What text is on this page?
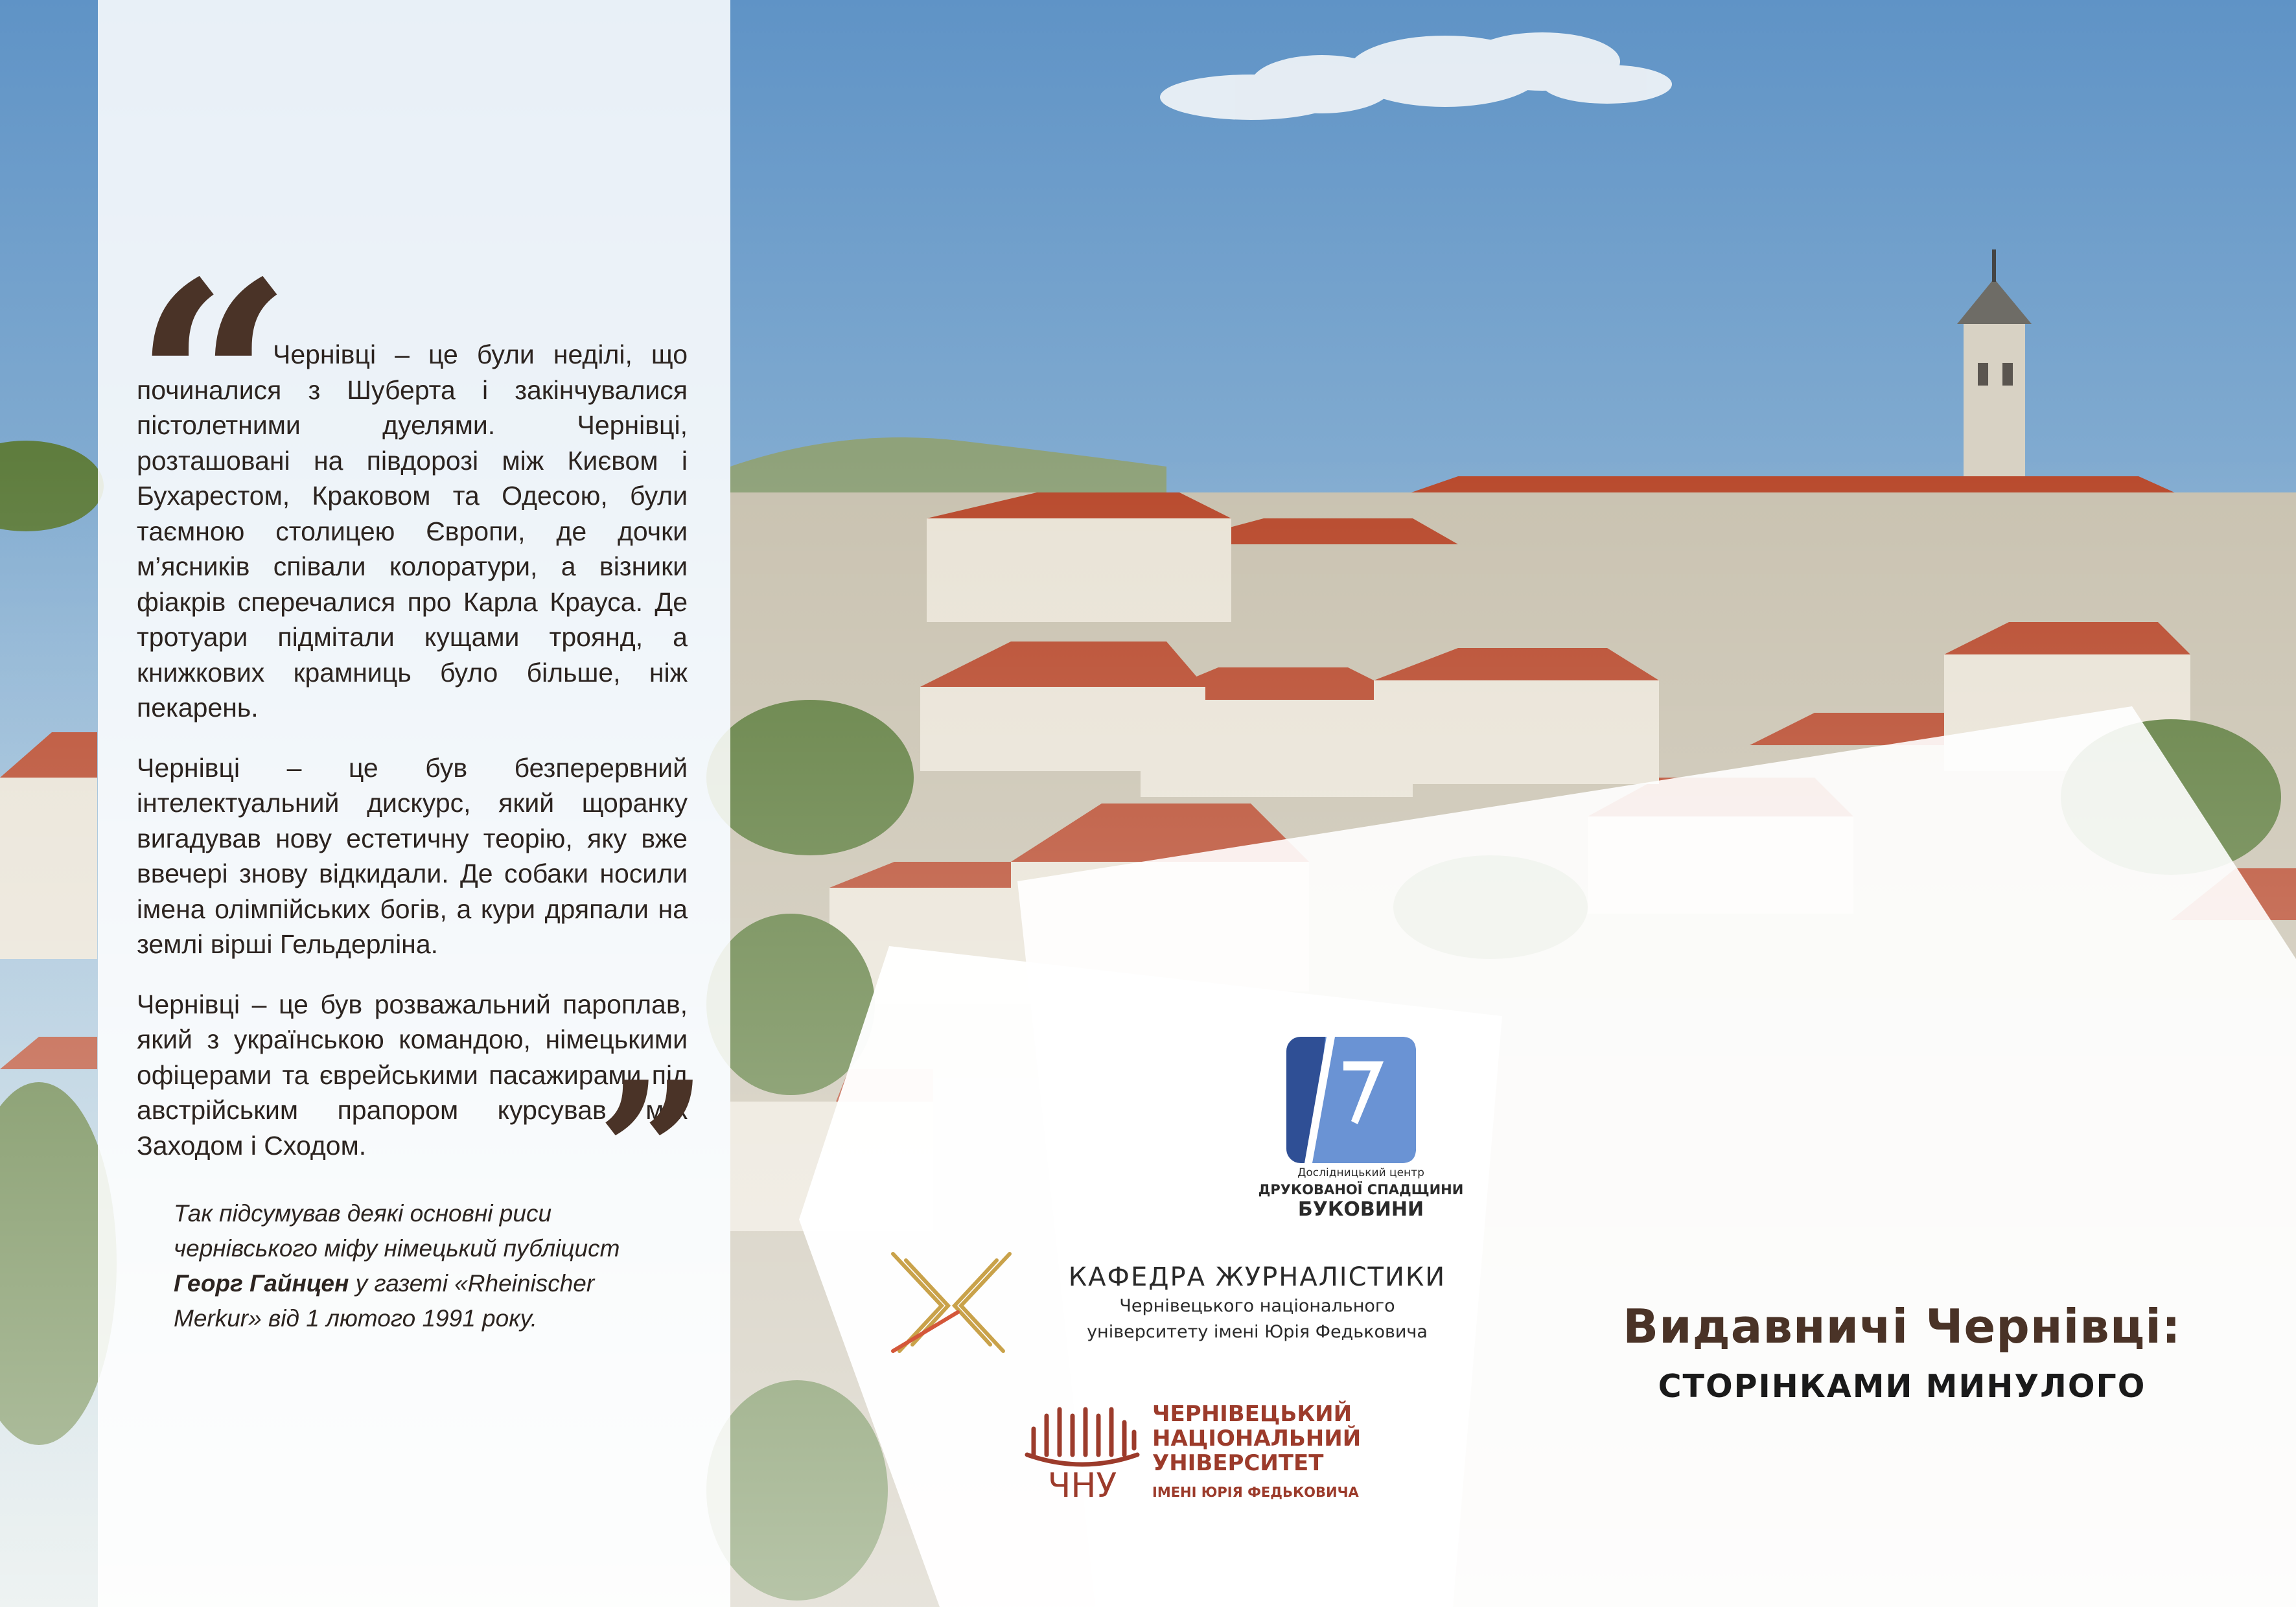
“

Чернівці – це були неділі, що починалися з Шуберта і закінчувалися пістолетними дуелями. Чернівці, розташовані на півдорозі між Києвом і Бухарестом, Краковом та Одесою, були таємною столицею Європи, де дочки м’ясників співали колоратури, а візники фіакрів сперечалися про Карла Крауса. Де тротуари підмітали кущами троянд, а книжкових крамниць було більше, ніж пекарень.

Чернівці – це був безперервний інтелектуальний дискурс, який щоранку вигадував нову естетичну теорію, яку вже ввечері знову відкидали. Де собаки носили імена олімпійських богів, а кури дряпали на землі вірші Гельдерліна.

Чернівці – це був розважальний пароплав, який з українською командою, німецькими офіцерами та єврейськими пасажирами під австрійським прапором курсував між Заходом і Сходом.	”
Так підсумував деякі основні риси чернівського міфу німецький публіцист Георг Гайнцен у газеті «Rheinischer Merkur» від 1 лютого 1991 року.
Дослідницький центр
ДРУКОВАНОЇ СПАДЩИНИ
БУКОВИНИ
КАФЕДРА ЖУРНАЛІСТИКИ
Чернівецького національного
університету імені Юрія Федьковича
ЧНУ
ЧЕРНІВЕЦЬКИЙ
НАЦІОНАЛЬНИЙ
УНІВЕРСИТЕТ
ІМЕНІ ЮРІЯ ФЕДЬКОВИЧА
Видавничі Чернівці:
СТОРІНКАМИ МИНУЛОГО
